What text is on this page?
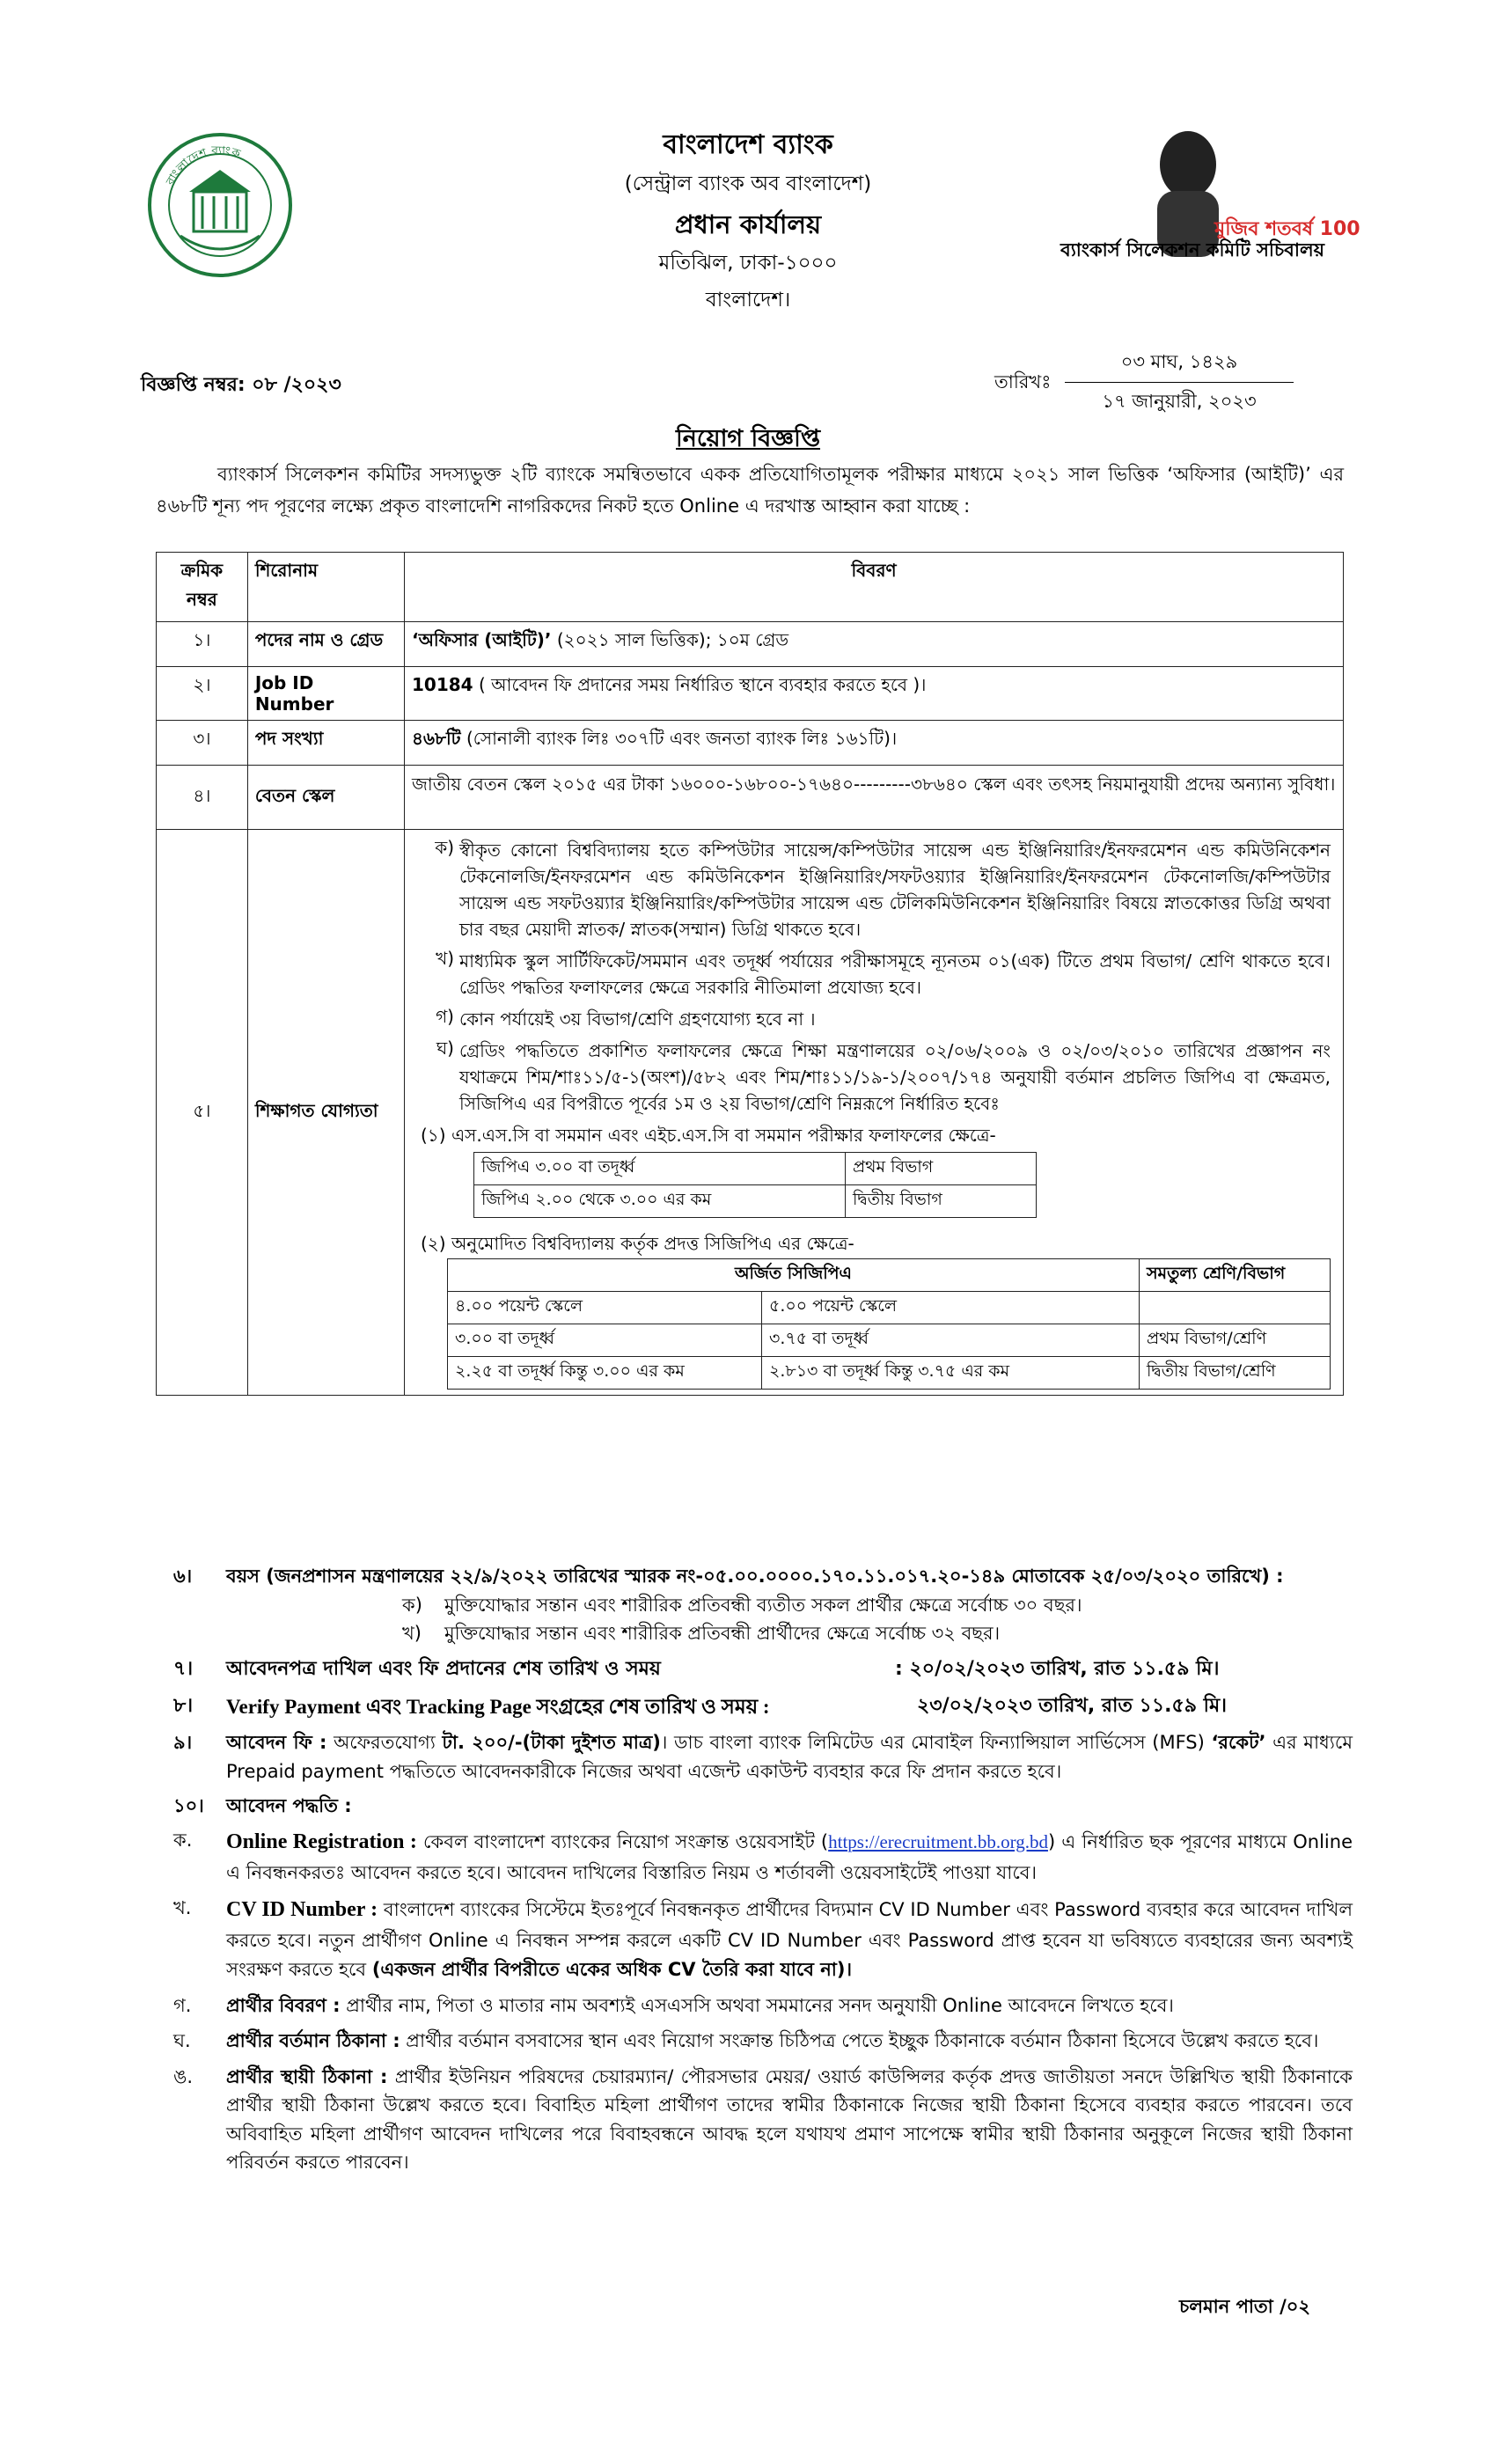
বাংলাদেশ ব্যাংক	বাংলাদেশ ব্যাংক
(সেন্ট্রাল ব্যাংক অব বাংলাদেশ)
প্রধান কার্যালয়
মতিঝিল, ঢাকা-১০০০
বাংলাদেশ।
মুজিব শতবর্ষ 100
ব্যাংকার্স সিলেকশন কমিটি সচিবালয়
বিজ্ঞপ্তি নম্বর: ০৮ /২০২৩	তারিখঃ
০৩ মাঘ, ১৪২৯
১৭ জানুয়ারী, ২০২৩
নিয়োগ বিজ্ঞপ্তি
ব্যাংকার্স সিলেকশন কমিটির সদস্যভুক্ত ২টি ব্যাংকে সমন্বিতভাবে একক প্রতিযোগিতামূলক পরীক্ষার মাধ্যমে ২০২১ সাল ভিত্তিক ‘অফিসার (আইটি)’ এর ৪৬৮টি শূন্য পদ পূরণের লক্ষ্যে প্রকৃত বাংলাদেশি নাগরিকদের নিকট হতে Online এ দরখাস্ত আহ্বান করা যাচ্ছে :
ক্রমিক নম্বর	শিরোনাম	বিবরণ
১।	পদের নাম ও গ্রেড	‘অফিসার (আইটি)’ (২০২১ সাল ভিত্তিক); ১০ম গ্রেড
২।	Job ID Number	10184 ( আবেদন ফি প্রদানের সময় নির্ধারিত স্থানে ব্যবহার করতে হবে )।
৩।	পদ সংখ্যা	৪৬৮টি (সোনালী ব্যাংক লিঃ ৩০৭টি এবং জনতা ব্যাংক লিঃ ১৬১টি)।
৪।	বেতন স্কেল	জাতীয় বেতন স্কেল ২০১৫ এর টাকা ১৬০০০-১৬৮০০-১৭৬৪০---------৩৮৬৪০ স্কেল এবং তৎসহ নিয়মানুযায়ী প্রদেয় অন্যান্য সুবিধা।
৫।	শিক্ষাগত যোগ্যতা	
ক) স্বীকৃত কোনো বিশ্ববিদ্যালয় হতে কম্পিউটার সায়েন্স/কম্পিউটার সায়েন্স এন্ড ইঞ্জিনিয়ারিং/ইনফরমেশন এন্ড কমিউনিকেশন টেকনোলজি/ইনফরমেশন এন্ড কমিউনিকেশন ইঞ্জিনিয়ারিং/সফটওয়্যার ইঞ্জিনিয়ারিং/ইনফরমেশন টেকনোলজি/কম্পিউটার সায়েন্স এন্ড সফটওয়্যার ইঞ্জিনিয়ারিং/কম্পিউটার সায়েন্স এন্ড টেলিকমিউনিকেশন ইঞ্জিনিয়ারিং বিষয়ে স্নাতকোত্তর ডিগ্রি অথবা চার বছর মেয়াদী স্নাতক/ স্নাতক(সম্মান) ডিগ্রি থাকতে হবে।

খ) মাধ্যমিক স্কুল সার্টিফিকেট/সমমান এবং তদূর্ধ্ব পর্যায়ের পরীক্ষাসমূহে ন্যূনতম ০১(এক) টিতে প্রথম বিভাগ/ শ্রেণি থাকতে হবে। গ্রেডিং পদ্ধতির ফলাফলের ক্ষেত্রে সরকারি নীতিমালা প্রযোজ্য হবে।

গ) কোন পর্যায়েই ৩য় বিভাগ/শ্রেণি গ্রহণযোগ্য হবে না ।

ঘ) গ্রেডিং পদ্ধতিতে প্রকাশিত ফলাফলের ক্ষেত্রে শিক্ষা মন্ত্রণালয়ের ০২/০৬/২০০৯ ও ০২/০৩/২০১০ তারিখের প্রজ্ঞাপন নং যথাক্রমে শিম/শাঃ১১/৫-১(অংশ)/৫৮২ এবং শিম/শাঃ১১/১৯-১/২০০৭/১৭৪ অনুযায়ী বর্তমান প্রচলিত জিপিএ বা ক্ষেত্রমত, সিজিপিএ এর বিপরীতে পূর্বের ১ম ও ২য় বিভাগ/শ্রেণি নিম্নরূপে নির্ধারিত হবেঃ

(১) এস.এস.সি বা সমমান এবং এইচ.এস.সি বা সমমান পরীক্ষার ফলাফলের ক্ষেত্রে-

জিপিএ ৩.০০ বা তদূর্ধ্ব	প্রথম বিভাগ
জিপিএ ২.০০ থেকে ৩.০০ এর কম	দ্বিতীয় বিভাগ

(২) অনুমোদিত বিশ্ববিদ্যালয় কর্তৃক প্রদত্ত সিজিপিএ এর ক্ষেত্রে-

অর্জিত সিজিপিএ	সমতুল্য শ্রেণি/বিভাগ
৪.০০ পয়েন্ট স্কেলে	৫.০০ পয়েন্ট স্কেলে	
৩.০০ বা তদূর্ধ্ব	৩.৭৫ বা তদূর্ধ্ব	প্রথম বিভাগ/শ্রেণি
২.২৫ বা তদূর্ধ্ব কিন্তু ৩.০০ এর কম	২.৮১৩ বা তদূর্ধ্ব কিন্তু ৩.৭৫ এর কম	দ্বিতীয় বিভাগ/শ্রেণি
৬।	বয়স (জনপ্রশাসন মন্ত্রণালয়ের ২২/৯/২০২২ তারিখের স্মারক নং-০৫.০০.০০০০.১৭০.১১.০১৭.২০-১৪৯ মোতাবেক ২৫/০৩/২০২০ তারিখে) :
ক)	মুক্তিযোদ্ধার সন্তান এবং শারীরিক প্রতিবন্ধী ব্যতীত সকল প্রার্থীর ক্ষেত্রে সর্বোচ্চ ৩০ বছর।
খ)	মুক্তিযোদ্ধার সন্তান এবং শারীরিক প্রতিবন্ধী প্রার্থীদের ক্ষেত্রে সর্বোচ্চ ৩২ বছর।
৭।	আবেদনপত্র দাখিল এবং ফি প্রদানের শেষ তারিখ ও সময়	: ২০/০২/২০২৩ তারিখ, রাত ১১.৫৯ মি।
৮।	Verify Payment এবং Tracking Page সংগ্রহের শেষ তারিখ ও সময় :	২৩/০২/২০২৩ তারিখ, রাত ১১.৫৯ মি।
৯।	আবেদন ফি : অফেরতযোগ্য টা. ২০০/-(টাকা দুইশত মাত্র)। ডাচ বাংলা ব্যাংক লিমিটেড এর মোবাইল ফিন্যান্সিয়াল সার্ভিসেস (MFS) ‘রকেট’ এর মাধ্যমে Prepaid payment পদ্ধতিতে আবেদনকারীকে নিজের অথবা এজেন্ট একাউন্ট ব্যবহার করে ফি প্রদান করতে হবে।
১০।	আবেদন পদ্ধতি :
ক.	Online Registration : কেবল বাংলাদেশ ব্যাংকের নিয়োগ সংক্রান্ত ওয়েবসাইট (https://erecruitment.bb.org.bd) এ নির্ধারিত ছক পূরণের মাধ্যমে Online এ নিবন্ধনকরতঃ আবেদন করতে হবে। আবেদন দাখিলের বিস্তারিত নিয়ম ও শর্তাবলী ওয়েবসাইটেই পাওয়া যাবে।
খ.	CV ID Number : বাংলাদেশ ব্যাংকের সিস্টেমে ইতঃপূর্বে নিবন্ধনকৃত প্রার্থীদের বিদ্যমান CV ID Number এবং Password ব্যবহার করে আবেদন দাখিল করতে হবে। নতুন প্রার্থীগণ Online এ নিবন্ধন সম্পন্ন করলে একটি CV ID Number এবং Password প্রাপ্ত হবেন যা ভবিষ্যতে ব্যবহারের জন্য অবশ্যই সংরক্ষণ করতে হবে (একজন প্রার্থীর বিপরীতে একের অধিক CV তৈরি করা যাবে না)।
গ.	প্রার্থীর বিবরণ : প্রার্থীর নাম, পিতা ও মাতার নাম অবশ্যই এসএসসি অথবা সমমানের সনদ অনুযায়ী Online আবেদনে লিখতে হবে।
ঘ.	প্রার্থীর বর্তমান ঠিকানা : প্রার্থীর বর্তমান বসবাসের স্থান এবং নিয়োগ সংক্রান্ত চিঠিপত্র পেতে ইচ্ছুক ঠিকানাকে বর্তমান ঠিকানা হিসেবে উল্লেখ করতে হবে।
ঙ.	প্রার্থীর স্থায়ী ঠিকানা : প্রার্থীর ইউনিয়ন পরিষদের চেয়ারম্যান/ পৌরসভার মেয়র/ ওয়ার্ড কাউন্সিলর কর্তৃক প্রদত্ত জাতীয়তা সনদে উল্লিখিত স্থায়ী ঠিকানাকে প্রার্থীর স্থায়ী ঠিকানা উল্লেখ করতে হবে। বিবাহিত মহিলা প্রার্থীগণ তাদের স্বামীর ঠিকানাকে নিজের স্থায়ী ঠিকানা হিসেবে ব্যবহার করতে পারবেন। তবে অবিবাহিত মহিলা প্রার্থীগণ আবেদন দাখিলের পরে বিবাহবন্ধনে আবদ্ধ হলে যথাযথ প্রমাণ সাপেক্ষে স্বামীর স্থায়ী ঠিকানার অনুকূলে নিজের স্থায়ী ঠিকানা পরিবর্তন করতে পারবেন।
চলমান পাতা /০২
